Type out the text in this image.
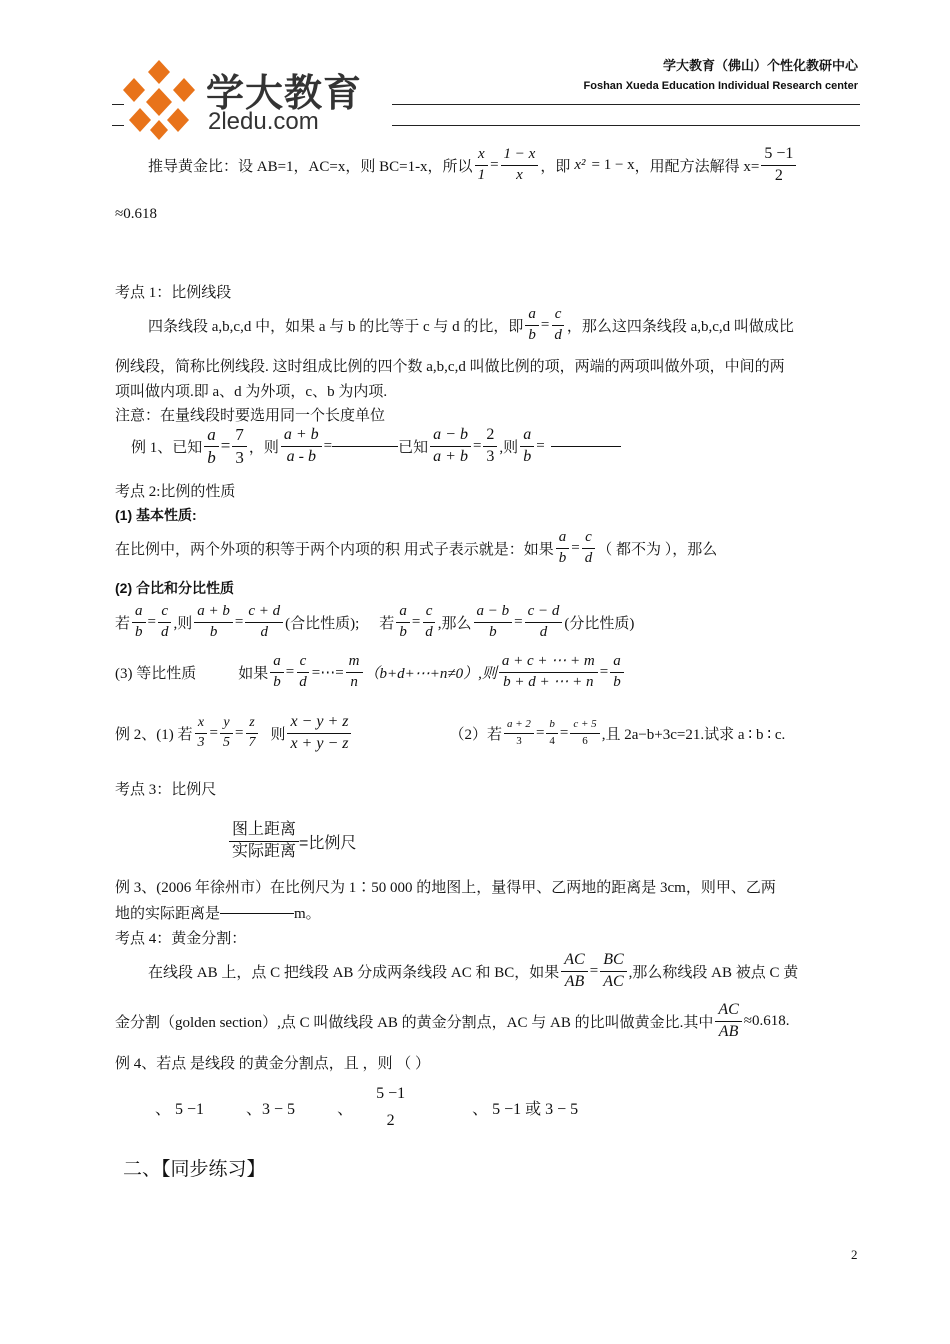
学大教育
2ledu.com
学大教育（佛山）个性化教研中心
Foshan Xueda Education Individual Research center
推导黄金比：设 AB=1，AC=x，则 BC=1-x，所以 $\frac{x}{1} = \frac{1 - x}{x}$ ，即 x² = 1 − x ，用配方法解得 $x= \frac{5 -1}{2}$
≈0.618
考点 1：比例线段
四条线段 a,b,c,d 中，如果 a 与 b 的比等于 c 与 d 的比，即 $\frac{a}{b} = \frac{c}{d}$ ，那么这四条线段 a,b,c,d 叫做成比
例线段，简称比例线段. 这时组成比例的四个数 a,b,c,d 叫做比例的项，两端的两项叫做外项，中间的两
项叫做内项.即 a、d 为外项，c、b 为内项.
注意：在量线段时要选用同一个长度单位
例 1、已知 $\frac{a}{b} = \frac{7}{3}$ ，则 $\frac{a + b}{a - b}$ =	已知 $\frac{a - b}{a + b} = \frac{2}{3}$ ,则 $\frac{a}{b}$ =
考点 2:比例的性质
(1) 基本性质:
在比例中，两个外项的积等于两个内项的积 用式子表示就是：如果 $\frac{a}{b} = \frac{c}{d}$ （ 都不为 ），那么
(2) 合比和分比性质
若 $\frac{a}{b} = \frac{c}{d}$ ,则 $\frac{a + b}{b} = \frac{c + d}{d}$ (合比性质); 若 $\frac{a}{b} = \frac{c}{d}$ ,那么 $\frac{a - b}{b} = \frac{c - d}{d}$ (分比性质)
(3) 等比性质	如果 $\frac{a}{b} = \frac{c}{d}$ =⋯= $\frac{m}{n}$ （b+d+⋯+n≠0）,则 $\frac{a + c + \cdots + m}{b + d + \cdots + n} = \frac{a}{b}$
例 2、(1) 若 $\frac{x}{3} = \frac{y}{5} = \frac{z}{7}$ 则
x − y + z
x + y − z	（2）若 $\frac{a + 2}{3} = \frac{b}{4} = \frac{c + 5}{6}$ ,且 2a−b+3c=21.试求 a ∶ b ∶ c.
考点 3：比例尺
图上距离
实际距离 =比例尺
例 3、(2006 年徐州市）在比例尺为 1∶50 000 的地图上，量得甲、乙两地的距离是 3cm，则甲、乙两
地的实际距离是	m。
考点 4：黄金分割：
在线段 AB 上，点 C 把线段 AB 分成两条线段 AC 和 BC，如果 $\frac{AC}{AB} = \frac{BC}{AC}$ ,那么称线段 AB 被点 C 黄
金分割（golden section）,点 C 叫做线段 AB 的黄金分割点，AC 与 AB 的比叫做黄金比.其中 $\frac{AC}{AB} \approx 0.618$.
例 4、若点 是线段 的黄金分割点，且 ，则 （ ）
、 5 −1	、3 − 5	、
5 −1
2
、 5 −1 或 3 − 5
二、【同步练习】
2
